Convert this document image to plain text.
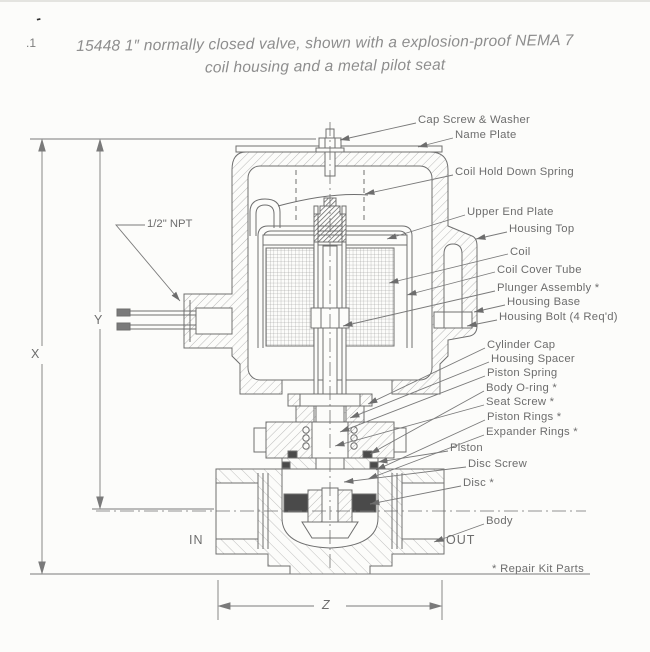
-
.1	15448 1″ normally closed valve, shown with a explosion-proof NEMA 7
coil housing and a metal pilot seat
Cap Screw & Washer
Name Plate
Coil Hold Down Spring
Upper End Plate
Housing Top
Coil
Coil Cover Tube
Plunger Assembly *
Housing Base
Housing Bolt (4 Req'd)
Cylinder Cap
Housing Spacer
Piston Spring
Body O-ring *
Seat Screw *
Piston Rings *
Expander Rings *
Piston
Disc Screw
Disc *
Body
1/2" NPT
IN	OUT
X
Y
Z
* Repair Kit Parts
